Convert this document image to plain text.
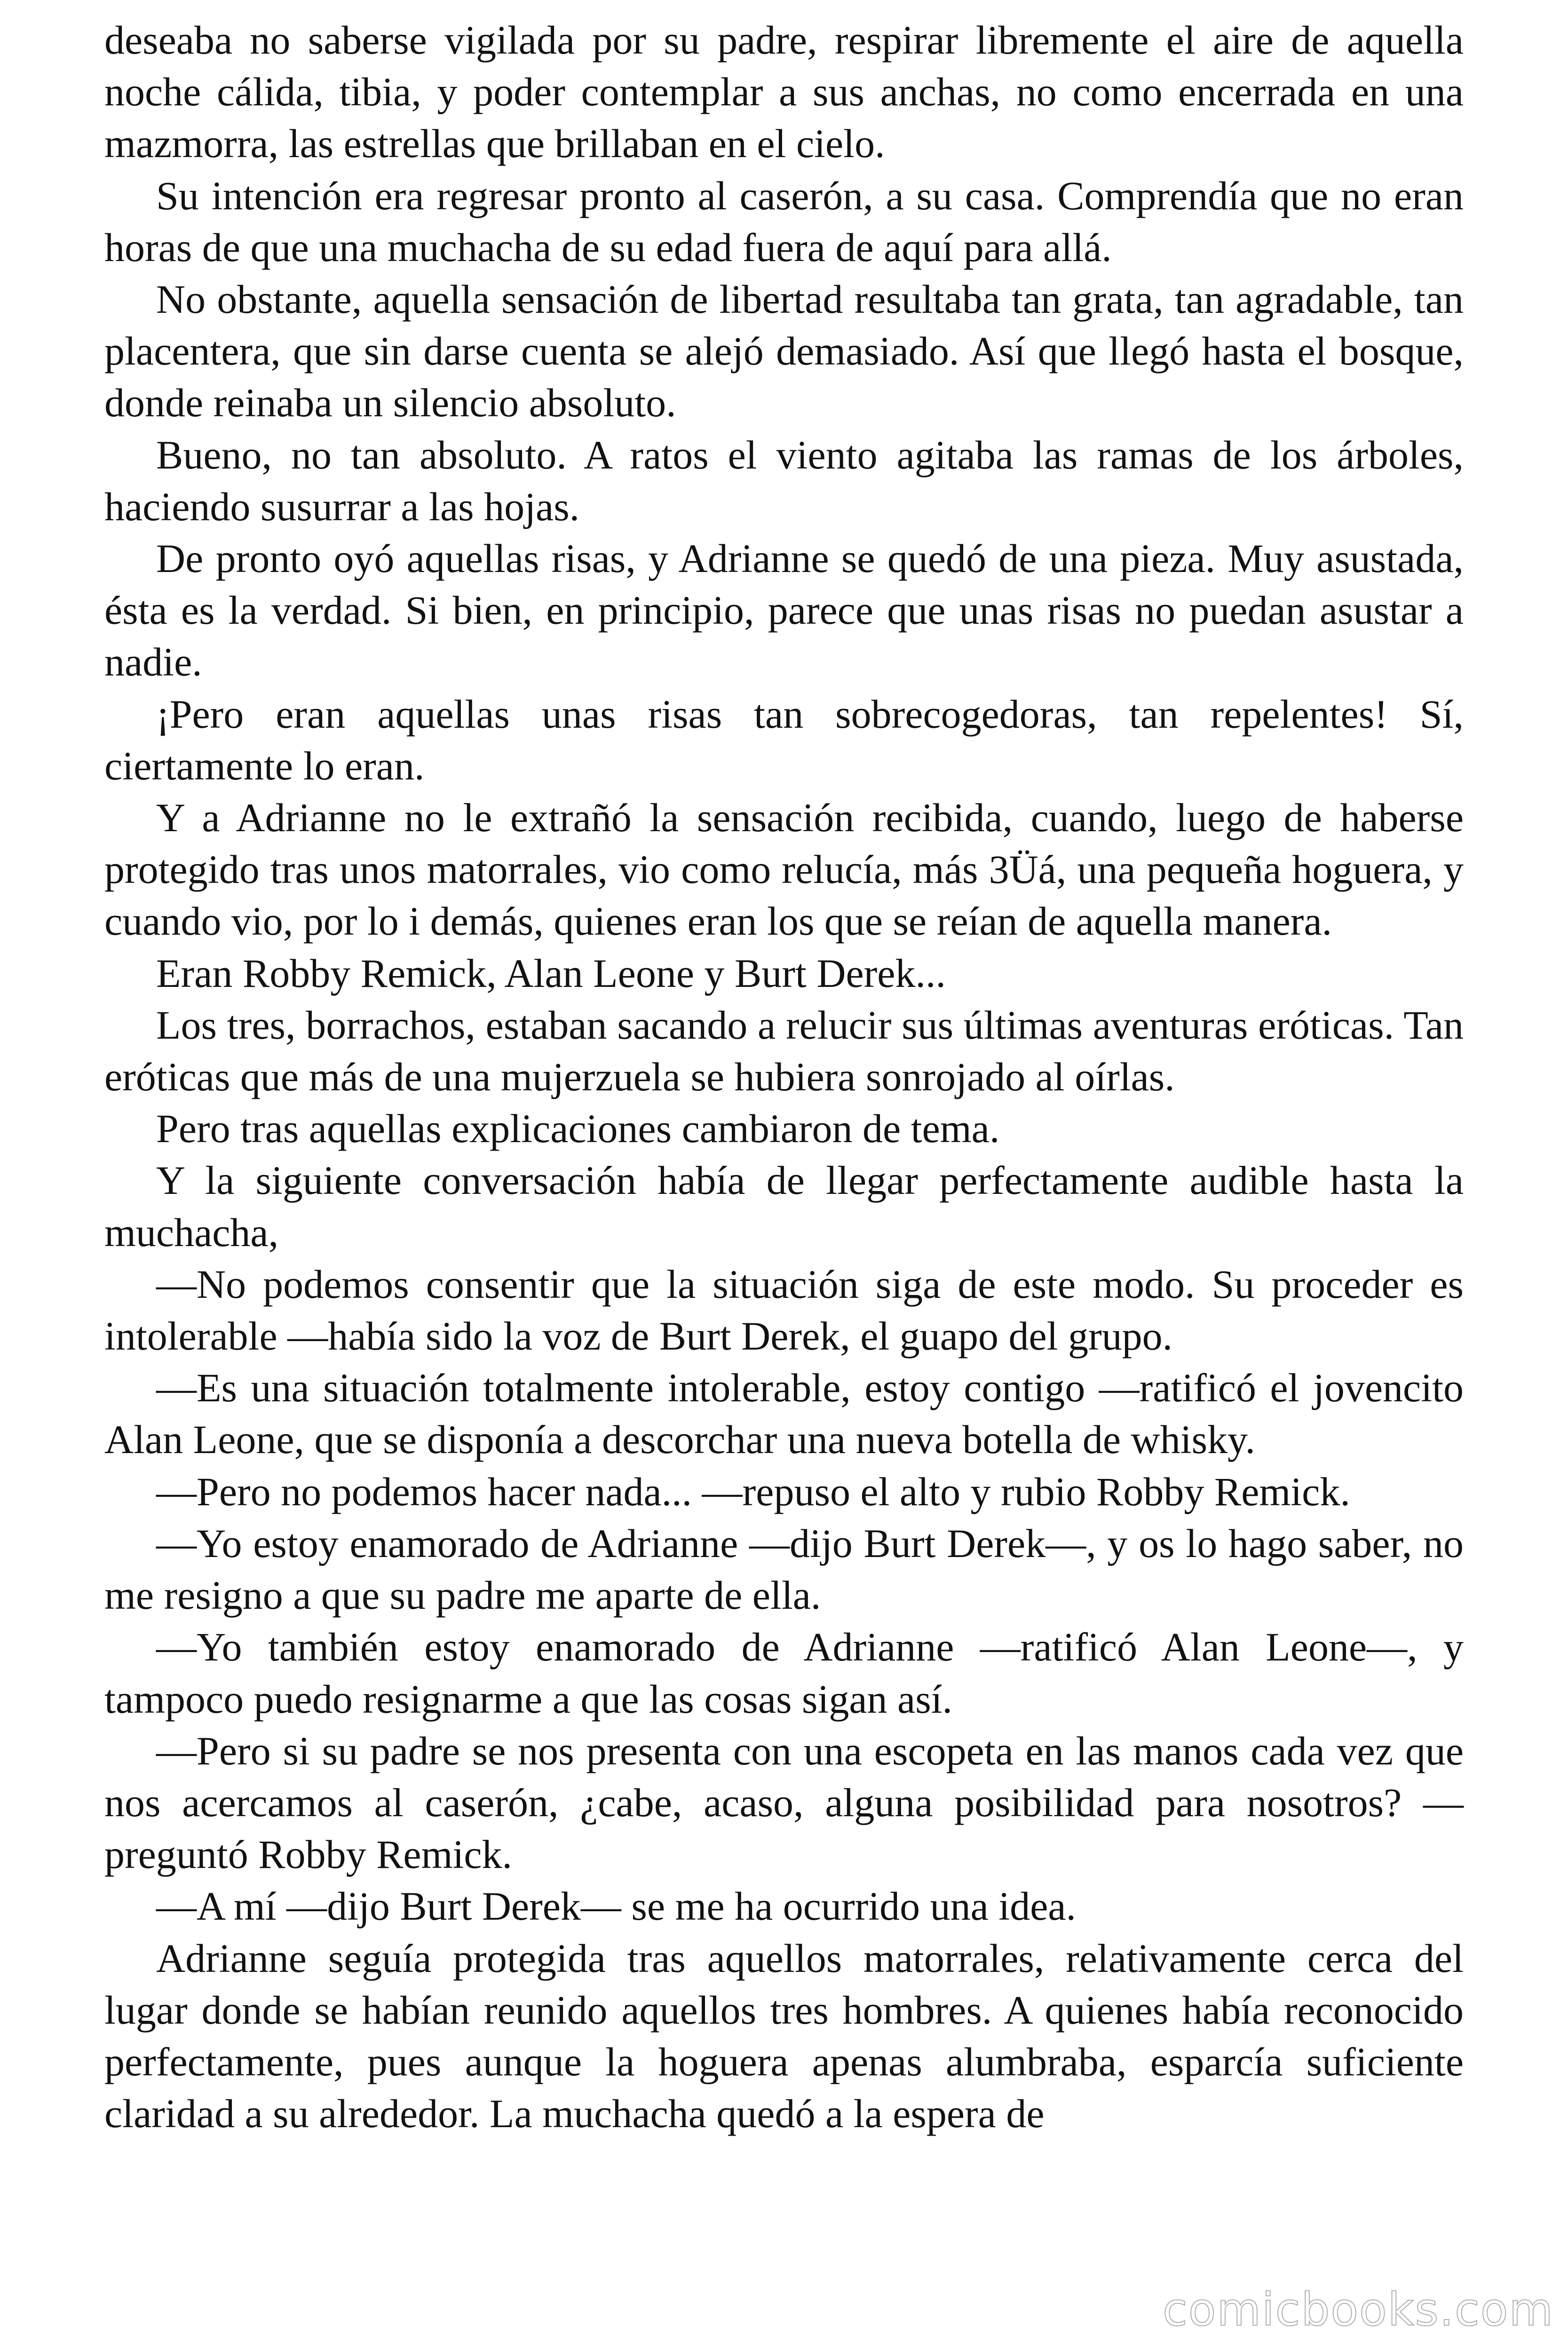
deseaba no saberse vigilada por su padre, respirar libremente el aire de aquella noche cálida, tibia, y poder contemplar a sus anchas, no como encerrada en una mazmorra, las estrellas que brillaban en el cielo.

Su intención era regresar pronto al caserón, a su casa. Comprendía que no eran horas de que una muchacha de su edad fuera de aquí para allá.

No obstante, aquella sensación de libertad resultaba tan grata, tan agradable, tan placentera, que sin darse cuenta se alejó demasiado. Así que llegó hasta el bosque, donde reinaba un silencio absoluto.

Bueno, no tan absoluto. A ratos el viento agitaba las ramas de los árboles, haciendo susurrar a las hojas.

De pronto oyó aquellas risas, y Adrianne se quedó de una pieza. Muy asustada, ésta es la verdad. Si bien, en principio, parece que unas risas no puedan asustar a nadie.

¡Pero eran aquellas unas risas tan sobrecogedoras, tan repelentes! Sí, ciertamente lo eran.

Y a Adrianne no le extrañó la sensación recibida, cuando, luego de haberse protegido tras unos matorrales, vio como relucía, más 3Üá, una pequeña hoguera, y cuando vio, por lo i demás, quienes eran los que se reían de aquella manera.

Eran Robby Remick, Alan Leone y Burt Derek...

Los tres, borrachos, estaban sacando a relucir sus últimas aventuras eróticas. Tan eróticas que más de una mujerzuela se hubiera sonrojado al oírlas.

Pero tras aquellas explicaciones cambiaron de tema.

Y la siguiente conversación había de llegar perfectamente audible hasta la muchacha,

—No podemos consentir que la situación siga de este modo. Su proceder es intolerable —había sido la voz de Burt Derek, el guapo del grupo.

—Es una situación totalmente intolerable, estoy contigo —ratificó el jovencito Alan Leone, que se disponía a descorchar una nueva botella de whisky.

—Pero no podemos hacer nada... —repuso el alto y rubio Robby Remick.

—Yo estoy enamorado de Adrianne —dijo Burt Derek—, y os lo hago saber, no me resigno a que su padre me aparte de ella.

—Yo también estoy enamorado de Adrianne —ratificó Alan Leone—, y tampoco puedo resignarme a que las cosas sigan así.

—Pero si su padre se nos presenta con una escopeta en las manos cada vez que nos acercamos al caserón, ¿cabe, acaso, alguna posibilidad para nosotros? —preguntó Robby Remick.

—A mí —dijo Burt Derek— se me ha ocurrido una idea.

Adrianne seguía protegida tras aquellos matorrales, relativamente cerca del lugar donde se habían reunido aquellos tres hombres. A quienes había reconocido perfectamente, pues aunque la hoguera apenas alumbraba, esparcía suficiente claridad a su alrededor. La muchacha quedó a la espera de

comicbooks.com
